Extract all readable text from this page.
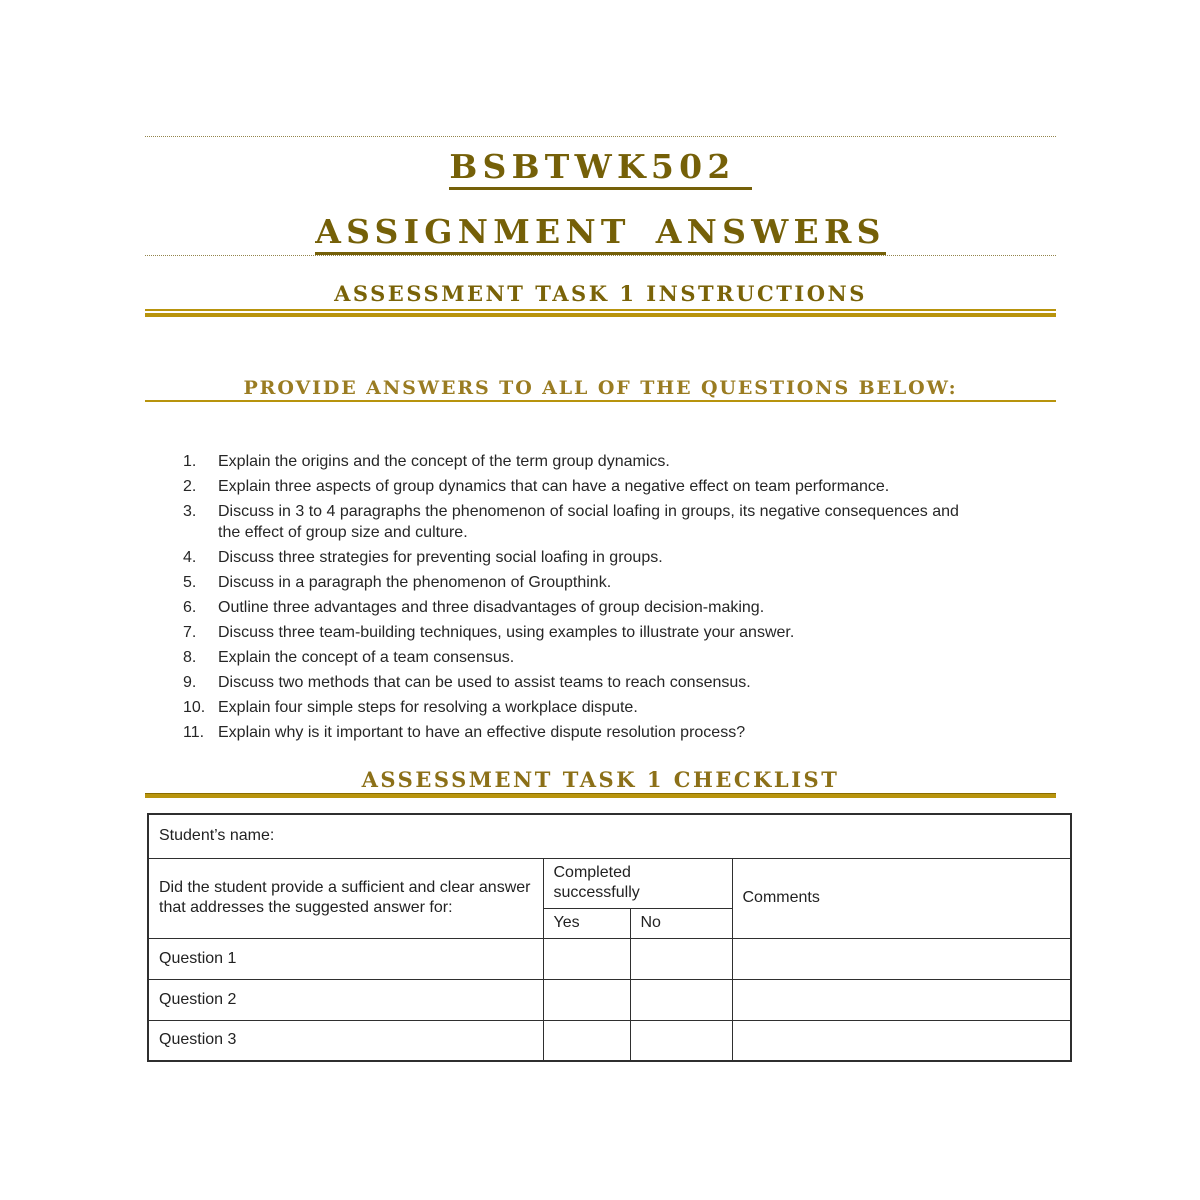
BSBTWK502
ASSIGNMENT ANSWERS
ASSESSMENT TASK 1 INSTRUCTIONS
PROVIDE ANSWERS TO ALL OF THE QUESTIONS BELOW:
1.	Explain the origins and the concept of the term group dynamics.
2.	Explain three aspects of group dynamics that can have a negative effect on team performance.
3.	Discuss in 3 to 4 paragraphs the phenomenon of social loafing in groups, its negative consequences and the effect of group size and culture.
4.	Discuss three strategies for preventing social loafing in groups.
5.	Discuss in a paragraph the phenomenon of Groupthink.
6.	Outline three advantages and three disadvantages of group decision-making.
7.	Discuss three team-building techniques, using examples to illustrate your answer.
8.	Explain the concept of a team consensus.
9.	Discuss two methods that can be used to assist teams to reach consensus.
10. Explain four simple steps for resolving a workplace dispute.
11. Explain why is it important to have an effective dispute resolution process?
ASSESSMENT TASK 1 CHECKLIST
Student’s name:			
Did the student provide a sufficient and clear answer that addresses the suggested answer for:	Completed successfully		Comments
	Yes	No	
Question 1			
Question 2			
Question 3			
